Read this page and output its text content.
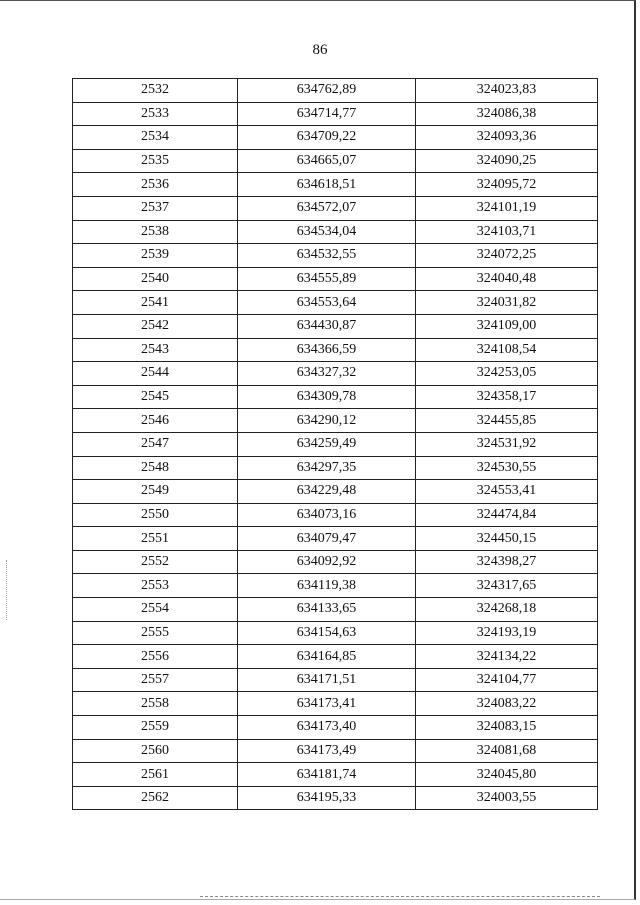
86
2532	634762,89	324023,83
2533	634714,77	324086,38
2534	634709,22	324093,36
2535	634665,07	324090,25
2536	634618,51	324095,72
2537	634572,07	324101,19
2538	634534,04	324103,71
2539	634532,55	324072,25
2540	634555,89	324040,48
2541	634553,64	324031,82
2542	634430,87	324109,00
2543	634366,59	324108,54
2544	634327,32	324253,05
2545	634309,78	324358,17
2546	634290,12	324455,85
2547	634259,49	324531,92
2548	634297,35	324530,55
2549	634229,48	324553,41
2550	634073,16	324474,84
2551	634079,47	324450,15
2552	634092,92	324398,27
2553	634119,38	324317,65
2554	634133,65	324268,18
2555	634154,63	324193,19
2556	634164,85	324134,22
2557	634171,51	324104,77
2558	634173,41	324083,22
2559	634173,40	324083,15
2560	634173,49	324081,68
2561	634181,74	324045,80
2562	634195,33	324003,55
